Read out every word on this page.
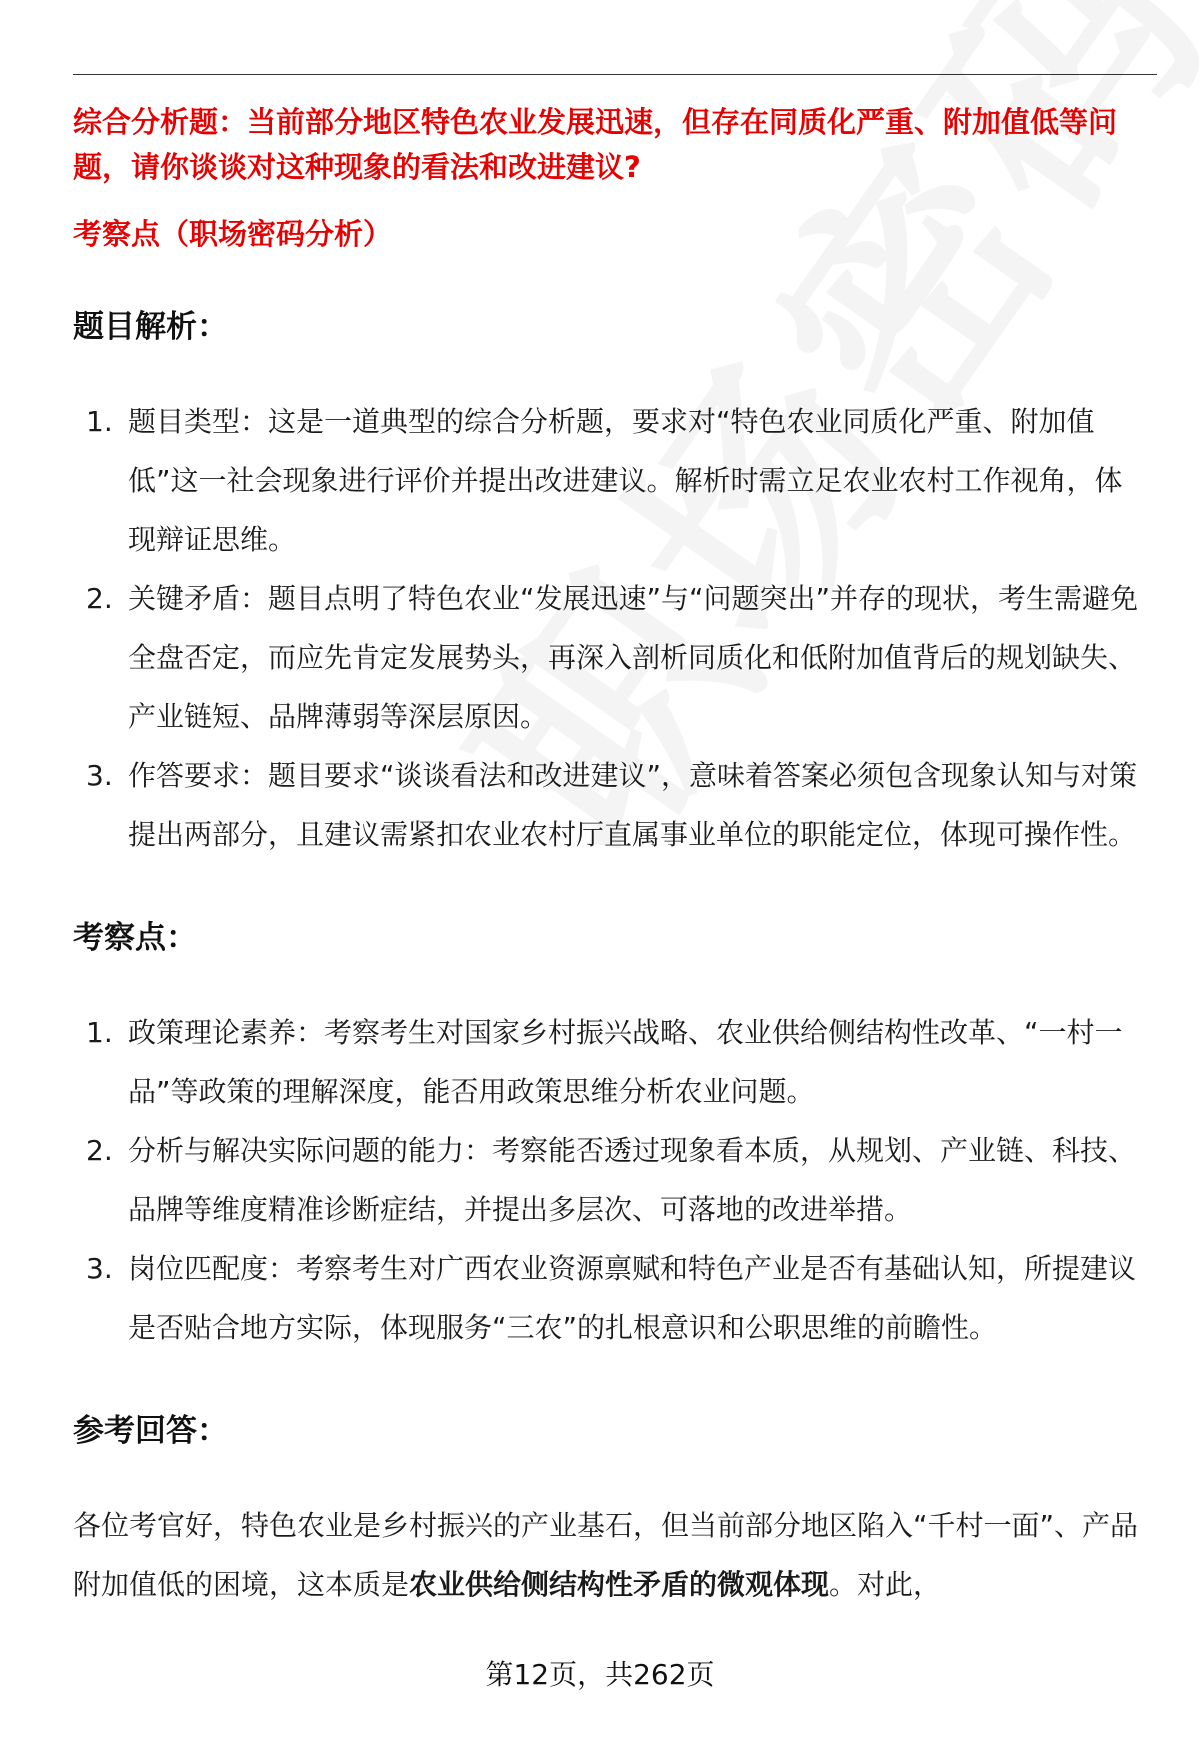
综合分析题：当前部分地区特色农业发展迅速，但存在同质化严重、附加值低等问题，请你谈谈对这种现象的看法和改进建议?

考察点（职场密码分析）

题目解析：
1. 题目类型：这是一道典型的综合分析题，要求对“特色农业同质化严重、附加值低”这一社会现象进行评价并提出改进建议。解析时需立足农业农村工作视角，体现辩证思维。
2. 关键矛盾：题目点明了特色农业“发展迅速”与“问题突出”并存的现状，考生需避免全盘否定，而应先肯定发展势头，再深入剖析同质化和低附加值背后的规划缺失、产业链短、品牌薄弱等深层原因。
3. 作答要求：题目要求“谈谈看法和改进建议”，意味着答案必须包含现象认知与对策提出两部分，且建议需紧扣农业农村厅直属事业单位的职能定位，体现可操作性。
考察点：
1. 政策理论素养：考察考生对国家乡村振兴战略、农业供给侧结构性改革、“一村一品”等政策的理解深度，能否用政策思维分析农业问题。
2. 分析与解决实际问题的能力：考察能否透过现象看本质，从规划、产业链、科技、品牌等维度精准诊断症结，并提出多层次、可落地的改进举措。
3. 岗位匹配度：考察考生对广西农业资源禀赋和特色产业是否有基础认知，所提建议是否贴合地方实际，体现服务“三农”的扎根意识和公职思维的前瞻性。
参考回答：

各位考官好，特色农业是乡村振兴的产业基石，但当前部分地区陷入“千村一面”、产品附加值低的困境，这本质是农业供给侧结构性矛盾的微观体现。对此，

第12页，共262页
